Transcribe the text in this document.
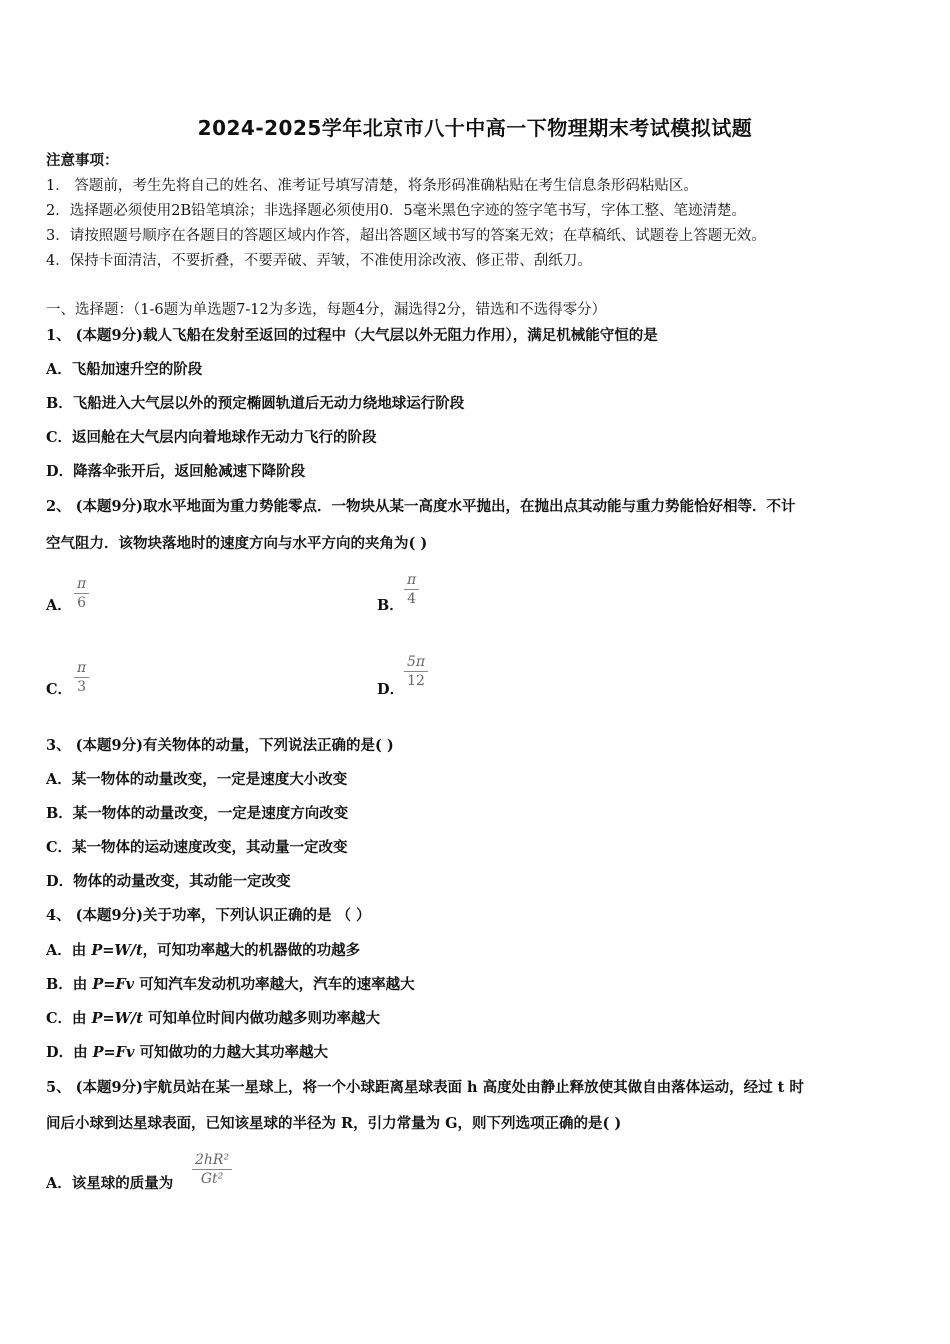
2024-2025学年北京市八十中高一下物理期末考试模拟试题
注意事项：
1． 答题前，考生先将自己的姓名、准考证号填写清楚，将条形码准确粘贴在考生信息条形码粘贴区。
2．选择题必须使用2B铅笔填涂；非选择题必须使用0．5毫米黑色字迹的签字笔书写，字体工整、笔迹清楚。
3．请按照题号顺序在各题目的答题区域内作答，超出答题区域书写的答案无效；在草稿纸、试题卷上答题无效。
4．保持卡面清洁，不要折叠，不要弄破、弄皱，不准使用涂改液、修正带、刮纸刀。
一、选择题：（1-6题为单选题7-12为多选，每题4分，漏选得2分，错选和不选得零分）
1、 (本题9分)载人飞船在发射至返回的过程中（大气层以外无阻力作用），满足机械能守恒的是
A．飞船加速升空的阶段
B．飞船进入大气层以外的预定椭圆轨道后无动力绕地球运行阶段
C．返回舱在大气层内向着地球作无动力飞行的阶段
D．降落伞张开后，返回舱减速下降阶段
2、 (本题9分)取水平地面为重力势能零点．一物块从某一高度水平抛出，在抛出点其动能与重力势能恰好相等．不计
空气阻力．该物块落地时的速度方向与水平方向的夹角为( )
A．
π
6	B．
π
4
C．
π
3	D．
5π
12
3、 (本题9分)有关物体的动量，下列说法正确的是( )
A．某一物体的动量改变，一定是速度大小改变
B．某一物体的动量改变，一定是速度方向改变
C．某一物体的运动速度改变，其动量一定改变
D．物体的动量改变，其动能一定改变
4、 (本题9分)关于功率，下列认识正确的是 （ ）
A．由 P=W/t，可知功率越大的机器做的功越多
B．由 P=Fv 可知汽车发动机功率越大，汽车的速率越大
C．由 P=W/t 可知单位时间内做功越多则功率越大
D．由 P=Fv 可知做功的力越大其功率越大
5、 (本题9分)宇航员站在某一星球上，将一个小球距离星球表面 h 高度处由静止释放使其做自由落体运动，经过 t 时
间后小球到达星球表面，已知该星球的半径为 R，引力常量为 G，则下列选项正确的是( )
A．该星球的质量为
2hR²
Gt²
